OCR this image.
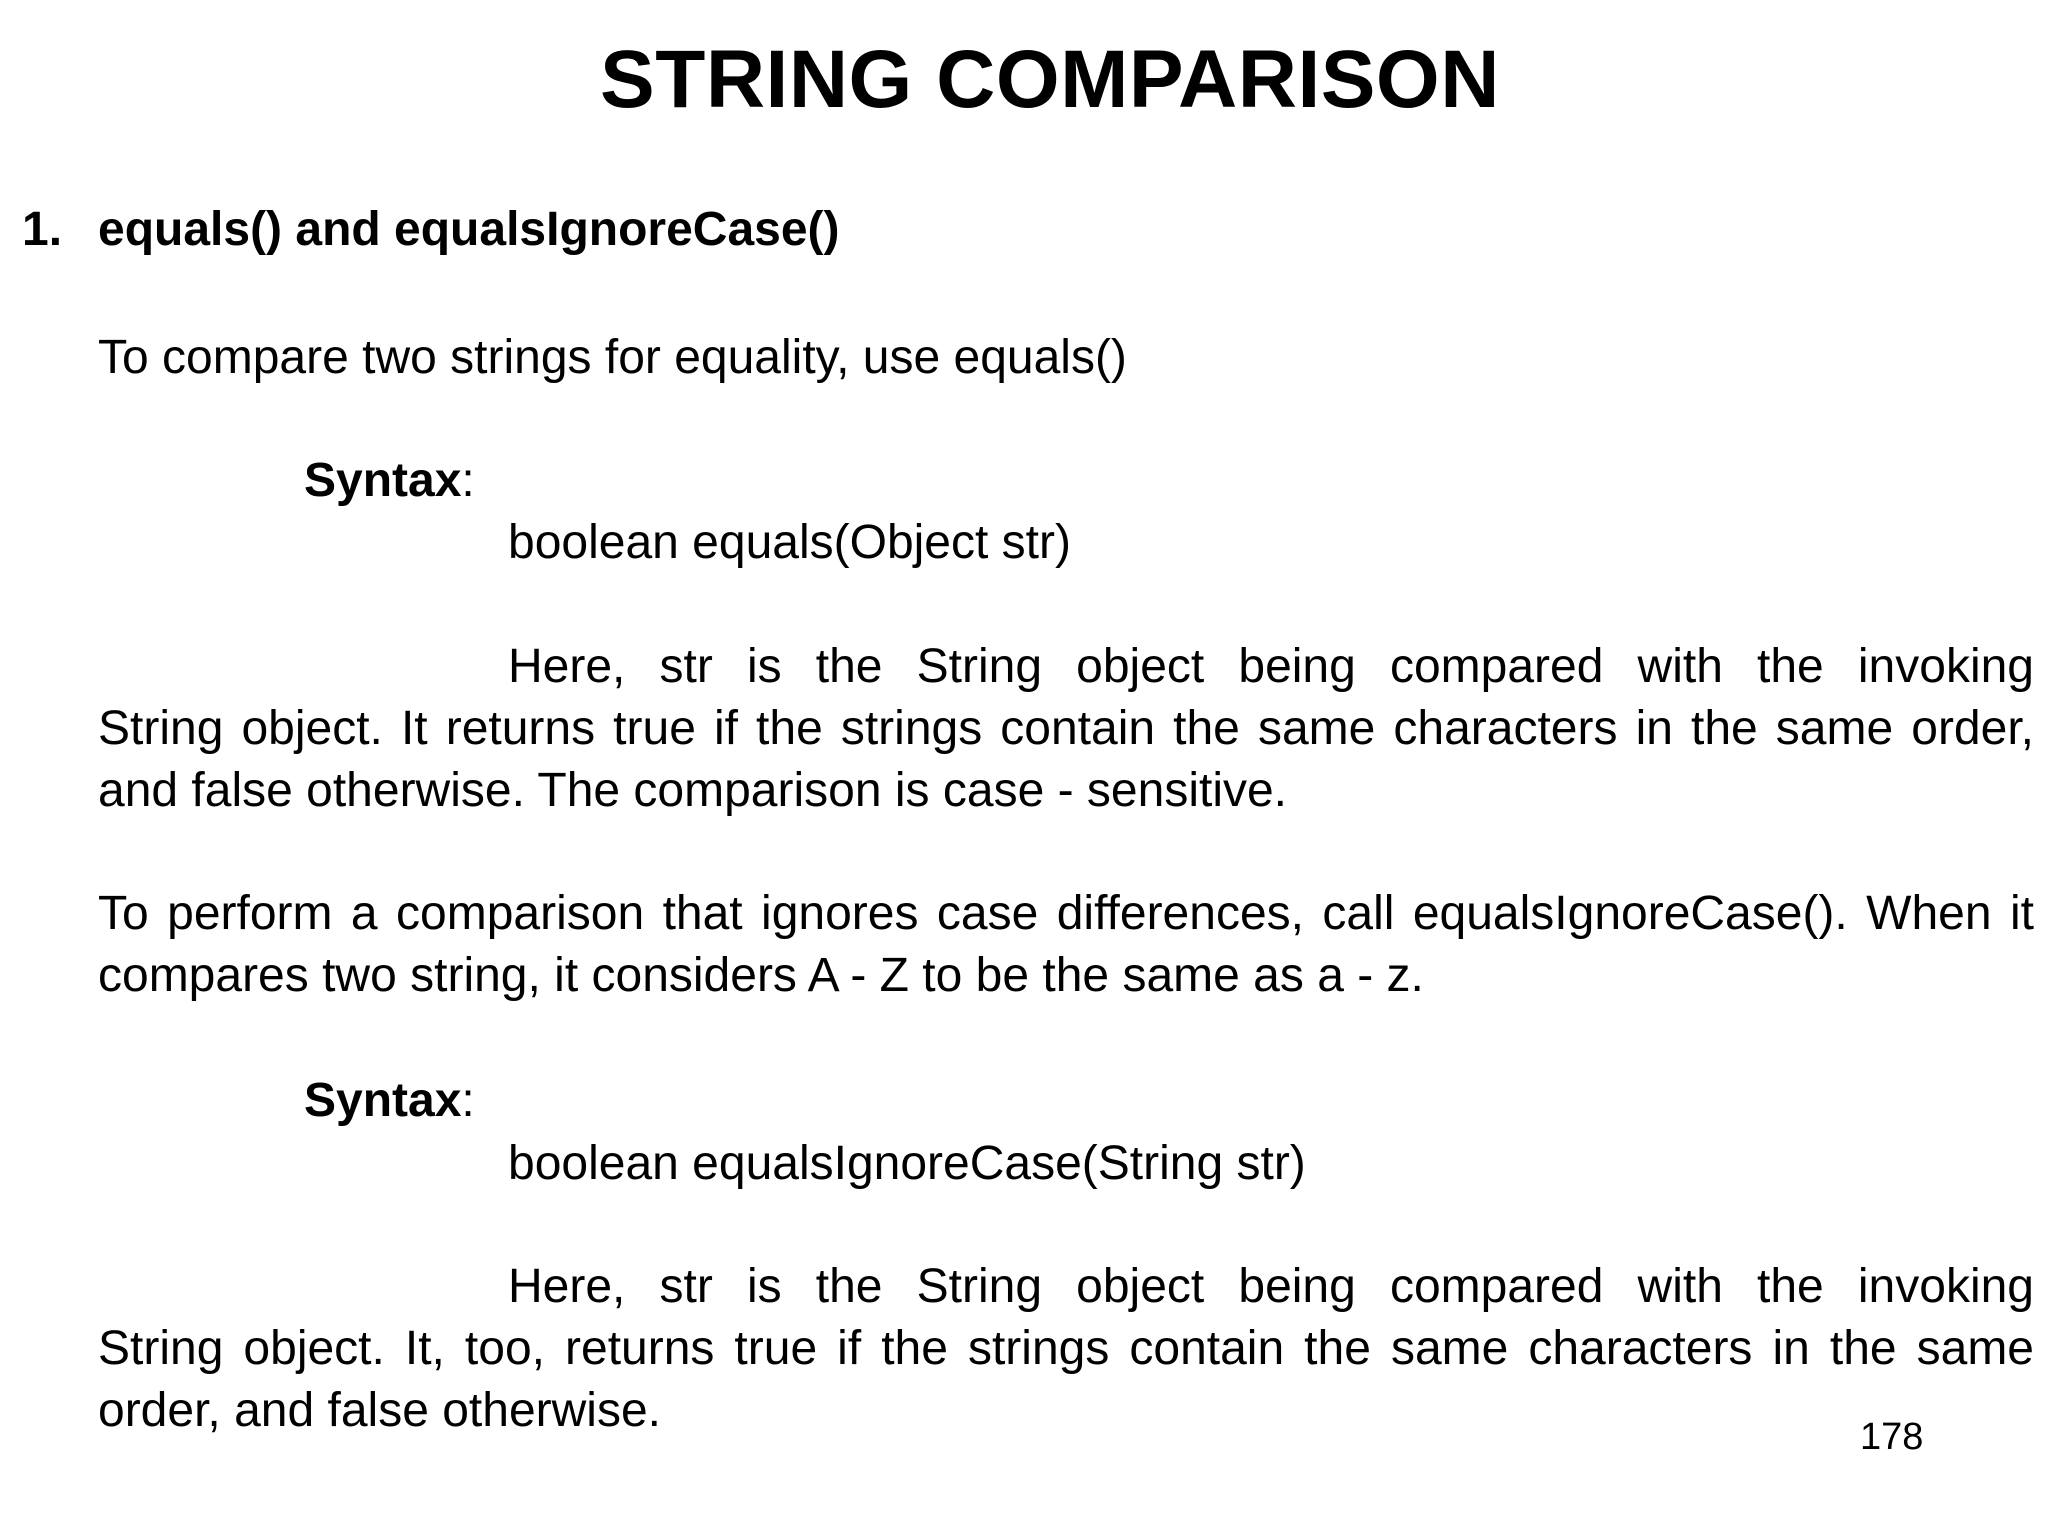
STRING COMPARISON
1. equals() and equalsIgnoreCase()
To compare two strings for equality, use equals()
Syntax:
boolean equals(Object str)
Here, str is the String object being compared with the invoking
String object. It returns true if the strings contain the same characters in the same order, and false otherwise. The comparison is case - sensitive.
To perform a comparison that ignores case differences, call equalsIgnoreCase(). When it compares two string, it considers A - Z to be the same as a - z.
Syntax:
boolean equalsIgnoreCase(String str)
Here, str is the String object being compared with the invoking
String object. It, too, returns true if the strings contain the same characters in the same order, and false otherwise.	178
